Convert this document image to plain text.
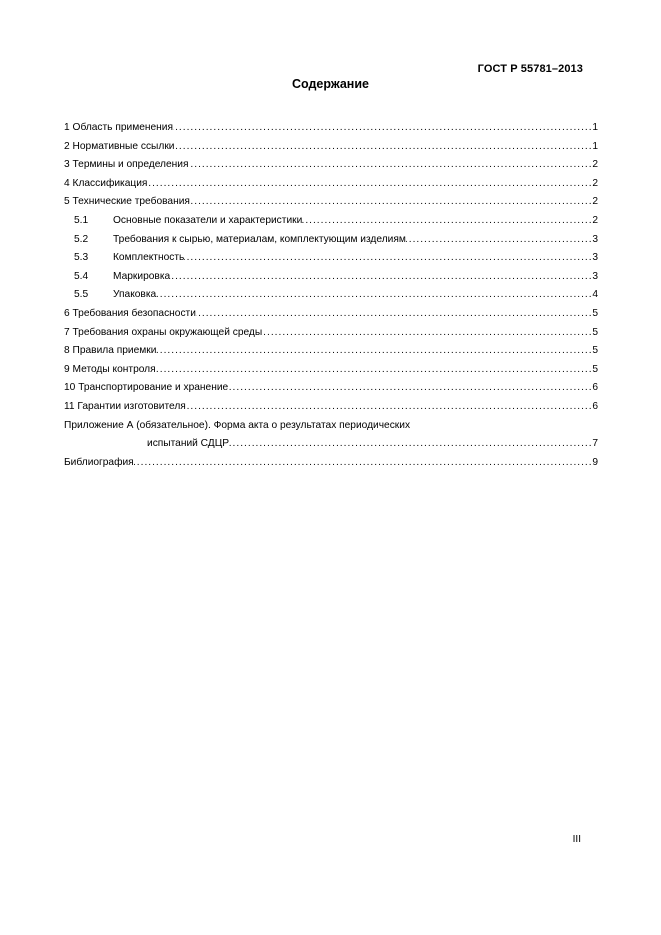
ГОСТ Р 55781–2013
Содержание
1 Область применения	1
.....
2 Нормативные ссылки	1
.....
3 Термины и определения	2
.....
4 Классификация	2
.....
5 Технические требования	2
.....
5.1 Основные показатели и характеристики	2
.....
5.2 Требования к сырью, материалам, комплектующим изделиям	3
.....
5.3 Комплектность	3
.....
5.4 Маркировка	3
.....
5.5 Упаковка	4
.....
6 Требования безопасности	5
.....
7 Требования охраны окружающей среды	5
.....
8 Правила приемки	5
.....
9 Методы контроля	5
.....
10 Транспортирование и хранение	6
.....
11 Гарантии изготовителя	6
.....
Приложение А (обязательное). Форма акта о результатах периодических
испытаний СДЦР	7
.....
Библиография	9
.....
III
